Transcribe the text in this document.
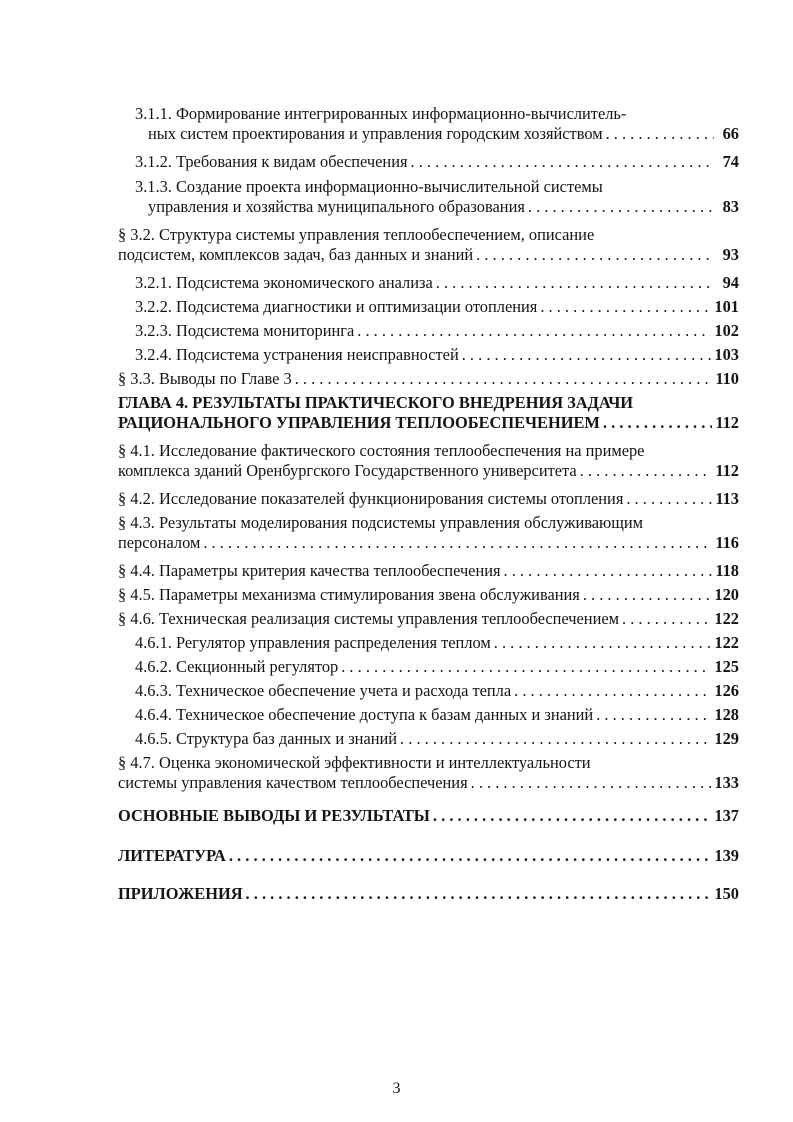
3.1.1. Формирование интегрированных информационно-вычислитель-
ных систем проектирования и управления городским хозяйством . . .	66
3.1.2. Требования к видам обеспечения . . .	74
3.1.3. Создание проекта информационно-вычислительной системы
управления и хозяйства муниципального образования . . .	83
§ 3.2. Структура системы управления теплообеспечением, описание
подсистем, комплексов задач, баз данных и знаний . . .	93
3.2.1. Подсистема экономического анализа . . .	94
3.2.2. Подсистема диагностики и оптимизации отопления . . .	101
3.2.3. Подсистема мониторинга . . .	102
3.2.4. Подсистема устранения неисправностей . . .	103
§ 3.3. Выводы по Главе 3 . . .	110
ГЛАВА 4. РЕЗУЛЬТАТЫ ПРАКТИЧЕСКОГО ВНЕДРЕНИЯ ЗАДАЧИ
РАЦИОНАЛЬНОГО УПРАВЛЕНИЯ ТЕПЛООБЕСПЕЧЕНИЕМ . . .	112
§ 4.1. Исследование фактического состояния теплообеспечения на примере
комплекса зданий Оренбургского Государственного университета . . .	112
§ 4.2. Исследование показателей функционирования системы отопления . . .	113
§ 4.3. Результаты моделирования подсистемы управления обслуживающим
персоналом . . .	116
§ 4.4. Параметры критерия качества теплообеспечения . . .	118
§ 4.5. Параметры механизма стимулирования звена обслуживания . . .	120
§ 4.6. Техническая реализация системы управления теплообеспечением . . .	122
4.6.1. Регулятор управления распределения теплом . . .	122
4.6.2. Секционный регулятор . . .	125
4.6.3. Техническое обеспечение учета и расхода тепла . . .	126
4.6.4. Техническое обеспечение доступа к базам данных и знаний . . .	128
4.6.5. Структура баз данных и знаний . . .	129
§ 4.7. Оценка экономической эффективности и интеллектуальности
системы управления качеством теплообеспечения . . .	133
ОСНОВНЫЕ ВЫВОДЫ И РЕЗУЛЬТАТЫ . . .	137
ЛИТЕРАТУРА . . .	139
ПРИЛОЖЕНИЯ . . .	150
3
